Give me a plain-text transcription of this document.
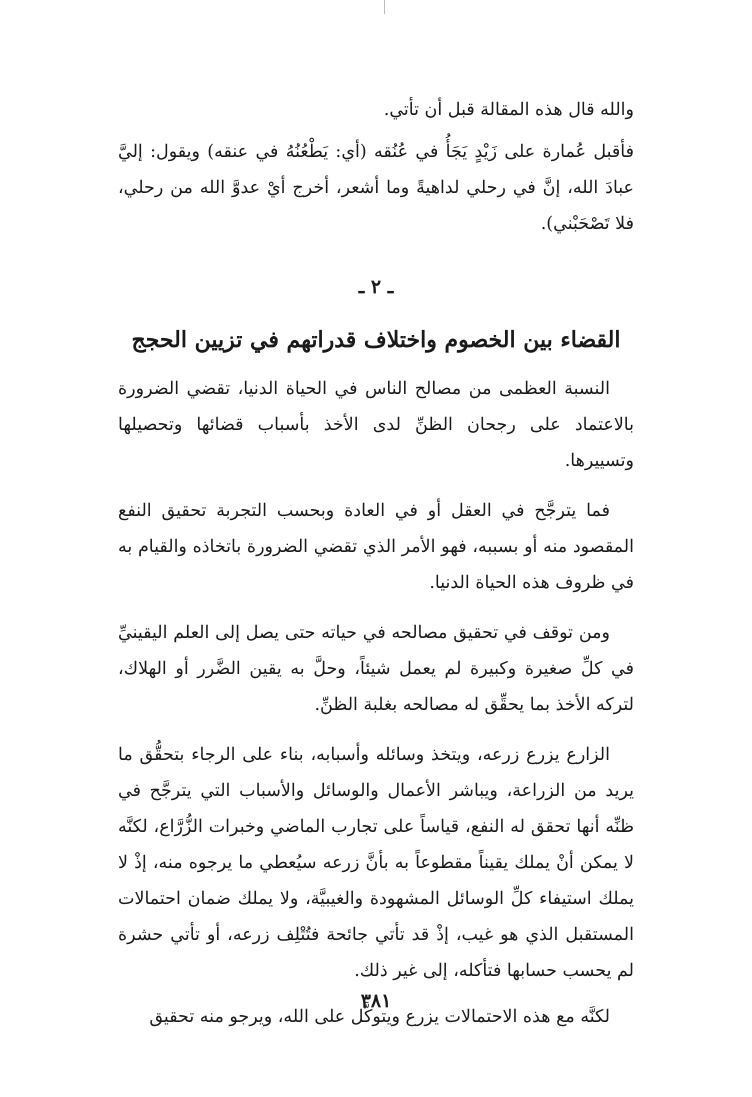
والله قال هذه المقالة قبل أن تأتي.

فأقبل عُمارة على زَيْدٍ يَجَأُ في عُنُقه (أي: يَطْعُنُهُ في عنقه) ويقول: إليَّ عبادَ الله، إنَّ في رحلي لداهيةً وما أشعر، أخرج أيْ عدوَّ الله من رحلي، فلا تَصْحَبْني).

ـ ٢ ـ
القضاء بين الخصوم واختلاف قدراتهم في تزيين الحجج

النسبة العظمى من مصالح الناس في الحياة الدنيا، تقضي الضرورة بالاعتماد على رجحان الظنِّ لدى الأخذ بأسباب قضائها وتحصيلها وتسييرها.

فما يترجَّح في العقل أو في العادة وبحسب التجربة تحقيق النفع المقصود منه أو بسببه، فهو الأمر الذي تقضي الضرورة باتخاذه والقيام به في ظروف هذه الحياة الدنيا.

ومن توقف في تحقيق مصالحه في حياته حتى يصل إلى العلم اليقينيِّ في كلِّ صغيرة وكبيرة لم يعمل شيئاً، وحلَّ به يقين الضَّرر أو الهلاك، لتركه الأخذ بما يحقِّق له مصالحه بغلبة الظنِّ.

الزارع يزرع زرعه، ويتخذ وسائله وأسبابه، بناء على الرجاء بتحقُّق ما يريد من الزراعة، ويباشر الأعمال والوسائل والأسباب التي يترجَّح في ظنِّه أنها تحقق له النفع، قياساً على تجارب الماضي وخبرات الزُّرَّاع، لكنَّه لا يمكن أنْ يملك يقيناً مقطوعاً به بأنَّ زرعه سيُعطي ما يرجوه منه، إذْ لا يملك استيفاء كلِّ الوسائل المشهودة والغيبيَّة، ولا يملك ضمان احتمالات المستقبل الذي هو غيب، إذْ قد تأتي جائحة فتُتْلِف زرعه، أو تأتي حشرة لم يحسب حسابها فتأكله، إلى غير ذلك.

لكنَّه مع هذه الاحتمالات يزرع ويتوكَّل على الله، ويرجو منه تحقيق

٣٨١
